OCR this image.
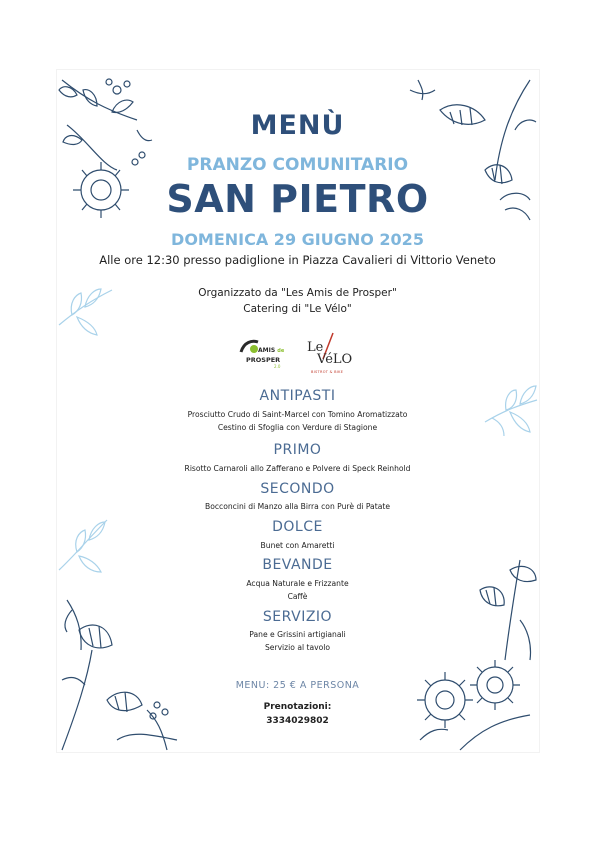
MENÙ
PRANZO COMUNITARIO
SAN PIETRO
DOMENICA 29 GIUGNO 2025
Alle ore 12:30 presso padiglione in Piazza Cavalieri di Vittorio Veneto
Organizzato da "Les Amis de Prosper"
Catering di "Le Vélo"
AMIS de
PROSPER
2.0
Le
VéLO
BISTROT & BIKE
ANTIPASTI
Prosciutto Crudo di Saint-Marcel con Tomino Aromatizzato
Cestino di Sfoglia con Verdure di Stagione
PRIMO
Risotto Carnaroli allo Zafferano e Polvere di Speck Reinhold
SECONDO
Bocconcini di Manzo alla Birra con Purè di Patate
DOLCE
Bunet con Amaretti
BEVANDE
Acqua Naturale e Frizzante
Caffè
SERVIZIO
Pane e Grissini artigianali
Servizio al tavolo
MENU: 25 € A PERSONA
Prenotazioni:
3334029802
